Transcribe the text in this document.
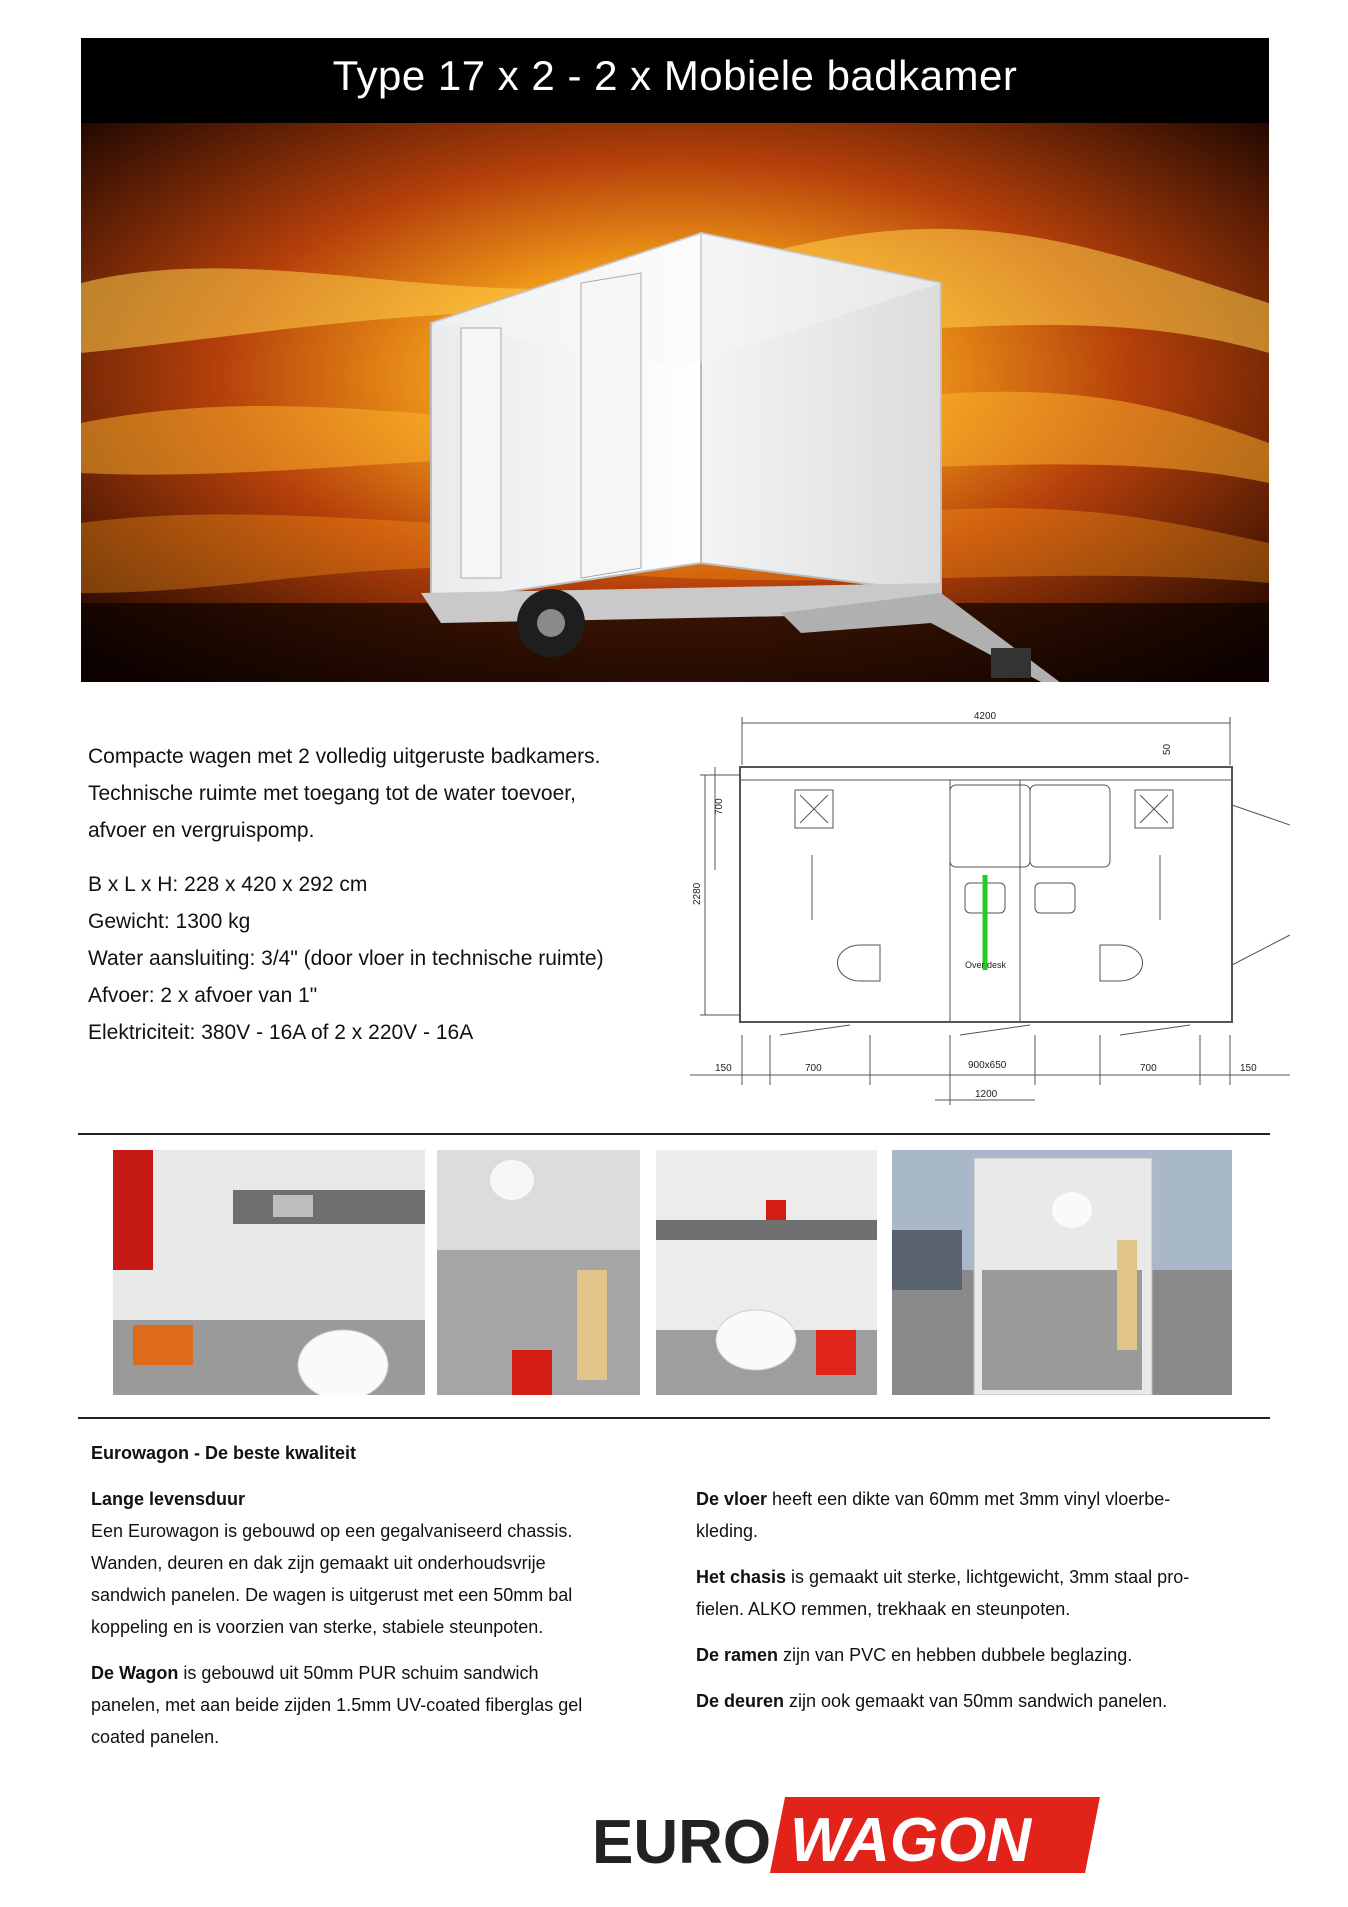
Type 17 x 2 - 2 x Mobiele badkamer

Compacte wagen met 2 volledig uitgeruste badkamers.

Technische ruimte met toegang tot de water toevoer,

afvoer en vergruispomp.

B x L x H: 228 x 420 x 292 cm
Gewicht: 1300 kg
Water aansluiting: 3/4" (door vloer in technische ruimte)
Afvoer: 2 x afvoer van 1"
Elektriciteit: 380V - 16A of 2 x 220V - 16A
4200
50
700
2280
150	700	900x650
1200
700	150
Over desk
Eurowagon - De beste kwaliteit
Lange levensduur

Een Eurowagon is gebouwd op een gegalvaniseerd chassis.
Wanden, deuren en dak zijn gemaakt uit onderhoudsvrije
sandwich panelen. De wagen is uitgerust met een 50mm bal
koppeling en is voorzien van sterke, stabiele steunpoten.

De Wagon is gebouwd uit 50mm PUR schuim sandwich
panelen, met aan beide zijden 1.5mm UV-coated fiberglas gel
coated panelen.

De vloer heeft een dikte van 60mm met 3mm vinyl vloerbe-
kleding.

Het chasis is gemaakt uit sterke, lichtgewicht, 3mm staal pro-
fielen. ALKO remmen, trekhaak en steunpoten.

De ramen zijn van PVC en hebben dubbele beglazing.

De deuren zijn ook gemaakt van 50mm sandwich panelen.

EURO WAGON
